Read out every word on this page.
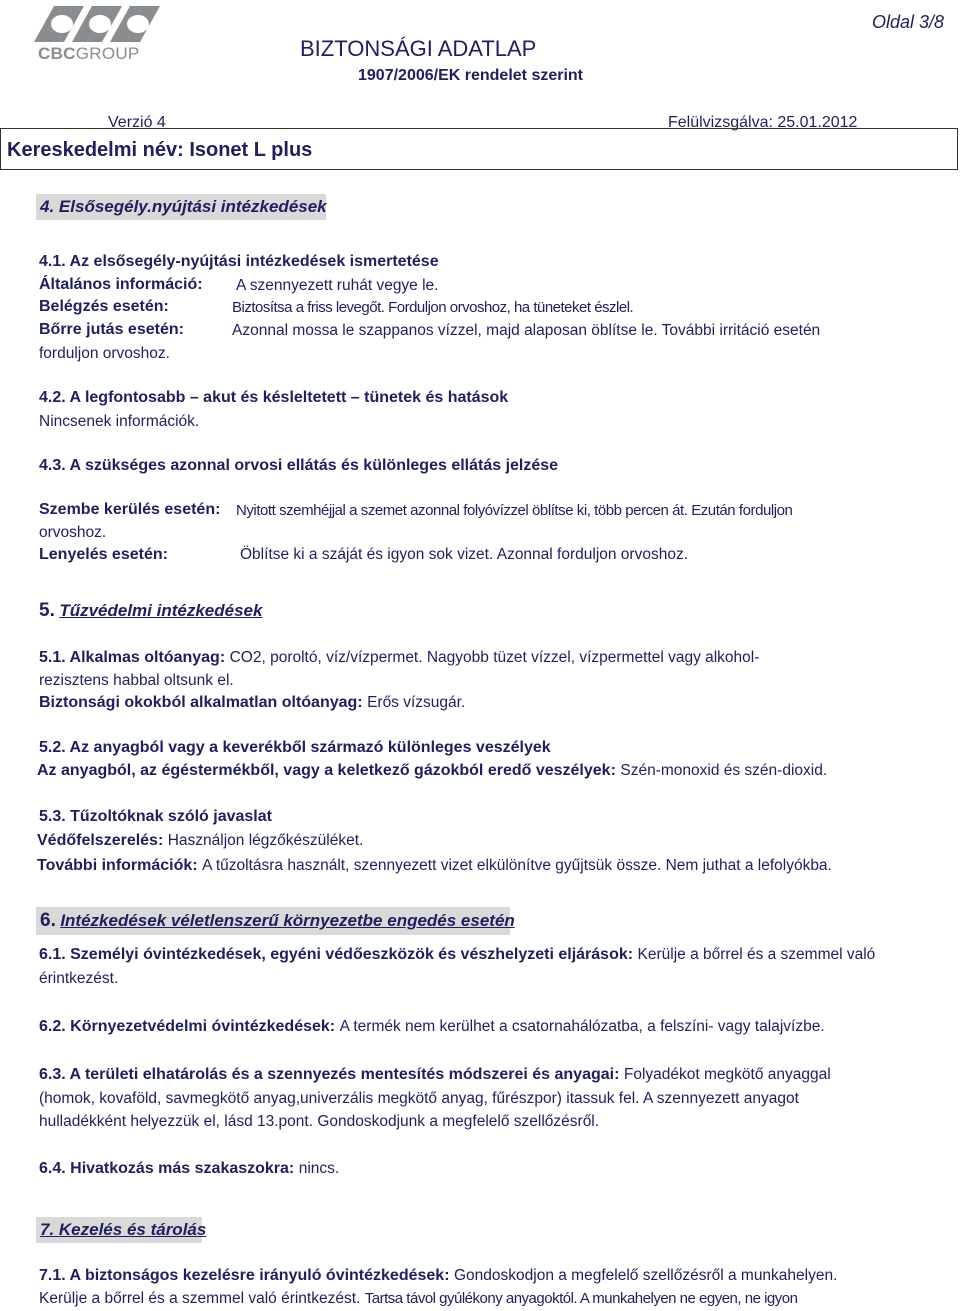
CBCGROUP
Oldal 3/8
BIZTONSÁGI ADATLAP
1907/2006/EK rendelet szerint
Verzió 4	Felülvizsgálva: 25.01.2012
Kereskedelmi név: Isonet L plus
4. Elsősegély.nyújtási intézkedések
4.1. Az elsősegély-nyújtási intézkedések ismertetése
Általános információ: A szennyezett ruhát vegye le.
Belégzés esetén:	Biztosítsa a friss levegőt. Forduljon orvoshoz, ha tüneteket észlel.
Bőrre jutás esetén:	Azonnal mossa le szappanos vízzel, majd alaposan öblítse le. További irritáció esetén
forduljon orvoshoz.
4.2. A legfontosabb – akut és késleltetett – tünetek és hatások
Nincsenek információk.
4.3. A szükséges azonnal orvosi ellátás és különleges ellátás jelzése
Szembe kerülés esetén: Nyitott szemhéjjal a szemet azonnal folyóvízzel öblítse ki, több percen át. Ezután forduljon
orvoshoz.
Lenyelés esetén:	Öblítse ki a száját és igyon sok vizet. Azonnal forduljon orvoshoz.
5. Tűzvédelmi intézkedések
5.1. Alkalmas oltóanyag: CO2, poroltó, víz/vízpermet. Nagyobb tüzet vízzel, vízpermettel vagy alkohol-
rezisztens habbal oltsunk el.
Biztonsági okokból alkalmatlan oltóanyag: Erős vízsugár.
5.2. Az anyagból vagy a keverékből származó különleges veszélyek
Az anyagból, az égéstermékből, vagy a keletkező gázokból eredő veszélyek: Szén-monoxid és szén-dioxid.
5.3. Tűzoltóknak szóló javaslat
Védőfelszerelés: Használjon légzőkészüléket.
További információk: A tűzoltásra használt, szennyezett vizet elkülönítve gyűjtsük össze. Nem juthat a lefolyókba.
6. Intézkedések véletlenszerű környezetbe engedés esetén
6.1. Személyi óvintézkedések, egyéni védőeszközök és vészhelyzeti eljárások: Kerülje a bőrrel és a szemmel való
érintkezést.
6.2. Környezetvédelmi óvintézkedések: A termék nem kerülhet a csatornahálózatba, a felszíni- vagy talajvízbe.
6.3. A területi elhatárolás és a szennyezés mentesítés módszerei és anyagai: Folyadékot megkötő anyaggal
(homok, kovaföld, savmegkötő anyag,univerzális megkötő anyag, fűrészpor) itassuk fel. A szennyezett anyagot
hulladékként helyezzük el, lásd 13.pont. Gondoskodjunk a megfelelő szellőzésről.
6.4. Hivatkozás más szakaszokra: nincs.
7. Kezelés és tárolás
7.1. A biztonságos kezelésre irányuló óvintézkedések: Gondoskodjon a megfelelő szellőzésről a munkahelyen.
Kerülje a bőrrel és a szemmel való érintkezést. Tartsa távol gyúlékony anyagoktól. A munkahelyen ne egyen, ne igyon
